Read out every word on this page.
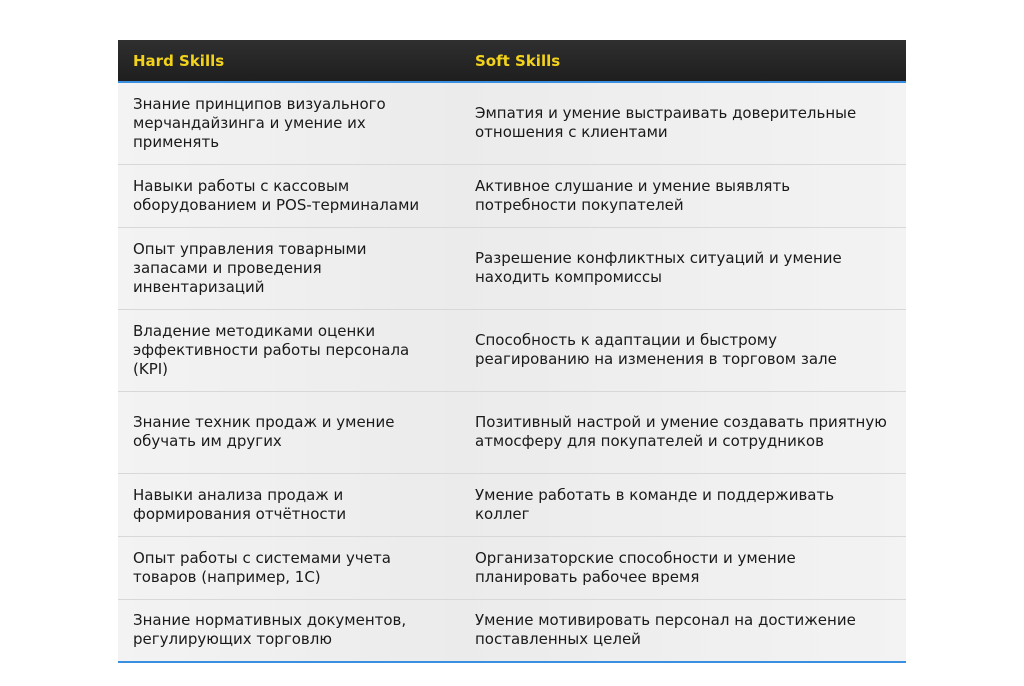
Hard Skills	Soft Skills
Знание принципов визуального мерчандайзинга и умение их применять	Эмпатия и умение выстраивать доверительные отношения с клиентами
Навыки работы с кассовым оборудованием и POS-терминалами	Активное слушание и умение выявлять потребности покупателей
Опыт управления товарными запасами и проведения инвентаризаций	Разрешение конфликтных ситуаций и умение находить компромиссы
Владение методиками оценки эффективности работы персонала (KPI)	Способность к адаптации и быстрому реагированию на изменения в торговом зале
Знание техник продаж и умение обучать им других	Позитивный настрой и умение создавать приятную атмосферу для покупателей и сотрудников
Навыки анализа продаж и формирования отчётности	Умение работать в команде и поддерживать коллег
Опыт работы с системами учета товаров (например, 1С)	Организаторские способности и умение планировать рабочее время
Знание нормативных документов, регулирующих торговлю	Умение мотивировать персонал на достижение поставленных целей
